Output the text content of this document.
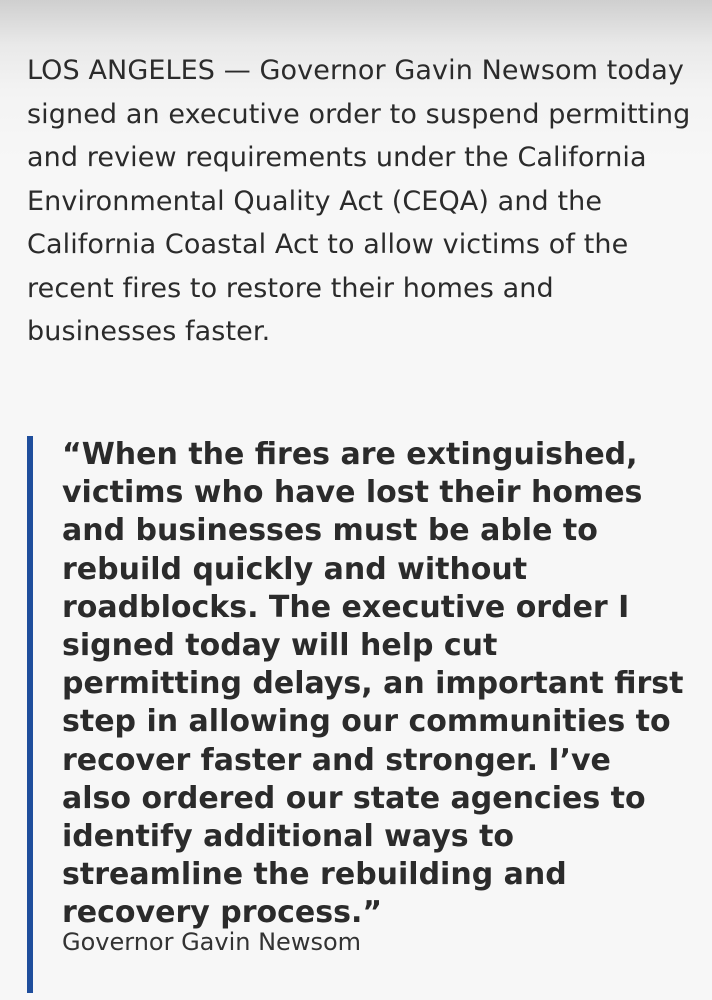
LOS ANGELES — Governor Gavin Newsom today signed an executive order to suspend permitting and review requirements under the California Environmental Quality Act (CEQA) and the California Coastal Act to allow victims of the recent fires to restore their homes and businesses faster.

“When the fires are extinguished, victims who have lost their homes and businesses must be able to rebuild quickly and without roadblocks. The executive order I signed today will help cut permitting delays, an important first step in allowing our communities to recover faster and stronger. I’ve also ordered our state agencies to identify additional ways to streamline the rebuilding and recovery process.”

Governor Gavin Newsom
